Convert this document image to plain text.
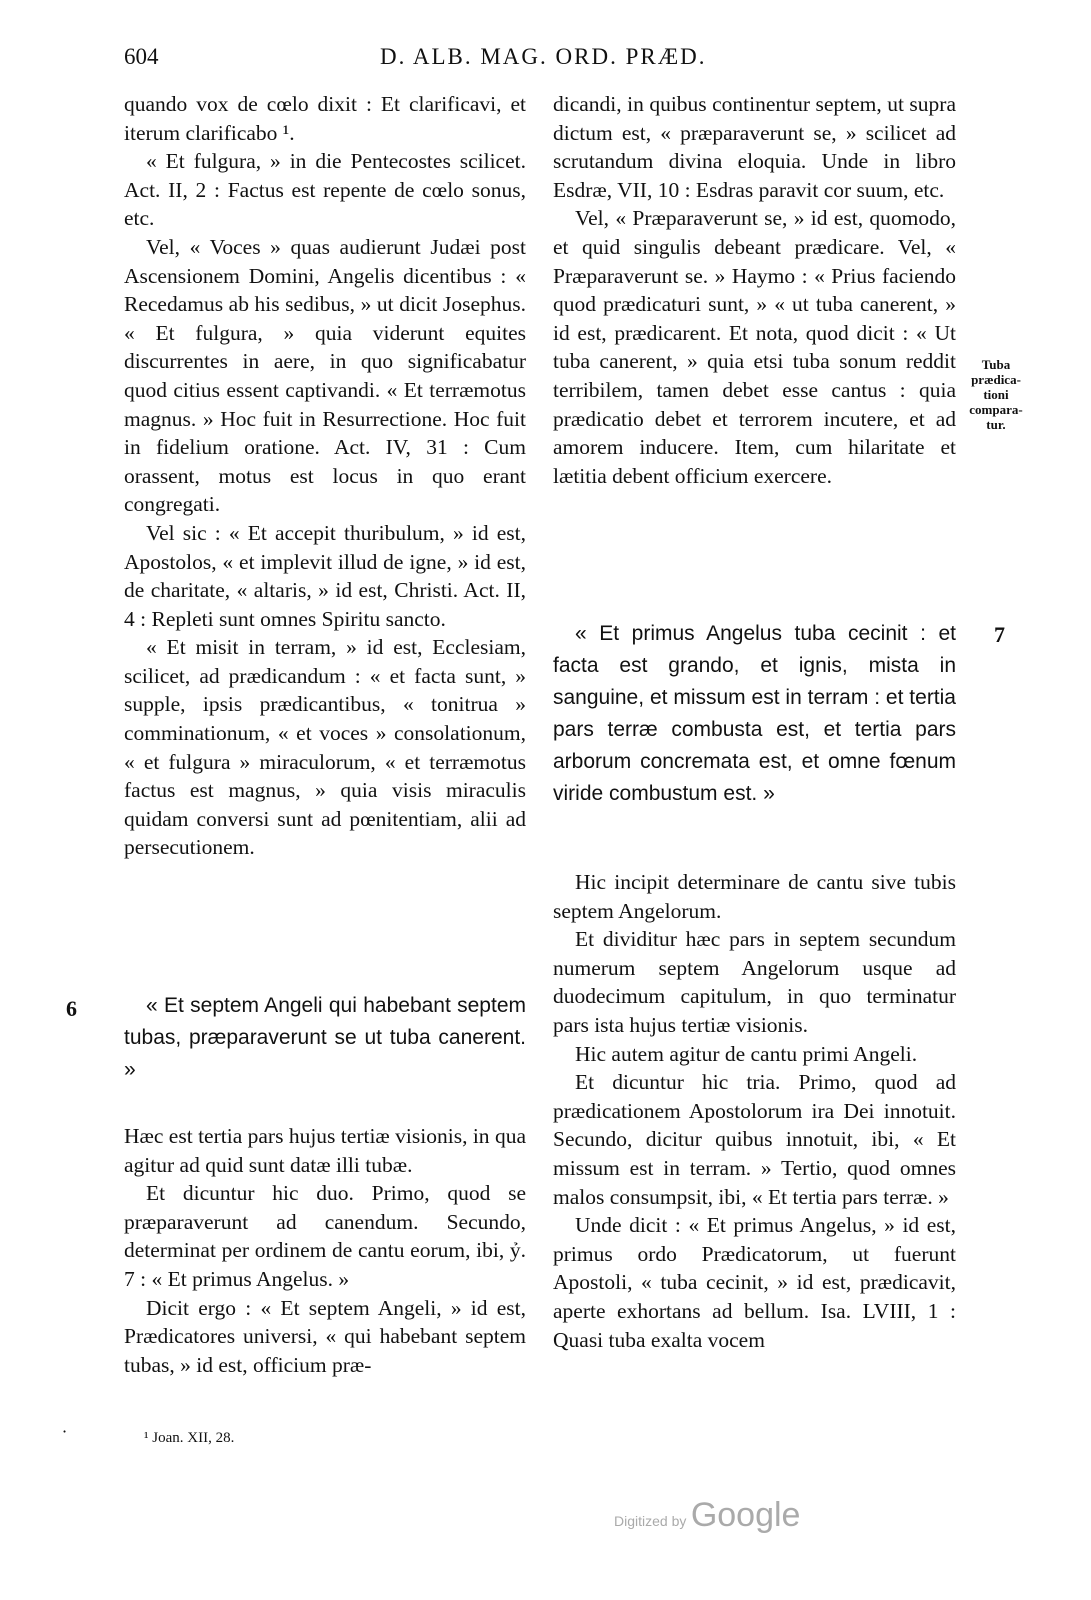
604	D. ALB. MAG. ORD. PRÆD.

quando vox de cœlo dixit : Et clarificavi, et iterum clarificabo ¹.

« Et fulgura, » in die Pentecostes scilicet. Act. II, 2 : Factus est repente de cœlo sonus, etc.

Vel, « Voces » quas audierunt Judæi post Ascensionem Domini, Angelis dicentibus : « Recedamus ab his sedibus, » ut dicit Josephus. « Et fulgura, » quia viderunt equites discurrentes in aere, in quo significabatur quod citius essent captivandi. « Et terræmotus magnus. » Hoc fuit in Resurrectione. Hoc fuit in fidelium oratione. Act. IV, 31 : Cum orassent, motus est locus in quo erant congregati.

Vel sic : « Et accepit thuribulum, » id est, Apostolos, « et implevit illud de igne, » id est, de charitate, « altaris, » id est, Christi. Act. II, 4 : Repleti sunt omnes Spiritu sancto.

« Et misit in terram, » id est, Ecclesiam, scilicet, ad prædicandum : « et facta sunt, » supple, ipsis prædicantibus, « tonitrua » comminationum, « et voces » consolationum, « et fulgura » miraculorum, « et terræmotus factus est magnus, » quia visis miraculis quidam conversi sunt ad pœnitentiam, alii ad persecutionem.

« Et septem Angeli qui habebant septem tubas, præparaverunt se ut tuba canerent. »

Hæc est tertia pars hujus tertiæ visionis, in qua agitur ad quid sunt datæ illi tubæ.

Et dicuntur hic duo. Primo, quod se præparaverunt ad canendum. Secundo, determinat per ordinem de cantu eorum, ibi, ỷ. 7 : « Et primus Angelus. »

Dicit ergo : « Et septem Angeli, » id est, Prædicatores universi, « qui habebant septem tubas, » id est, officium præ-

dicandi, in quibus continentur septem, ut supra dictum est, « præparaverunt se, » scilicet ad scrutandum divina eloquia. Unde in libro Esdræ, VII, 10 : Esdras paravit cor suum, etc.

Vel, « Præparaverunt se, » id est, quomodo, et quid singulis debeant prædicare. Vel, « Præparaverunt se. » Haymo : « Prius faciendo quod prædicaturi sunt, » « ut tuba canerent, » id est, prædicarent. Et nota, quod dicit : « Ut tuba canerent, » quia etsi tuba sonum reddit terribilem, tamen debet esse cantus : quia prædicatio debet et terrorem incutere, et ad amorem inducere. Item, cum hilaritate et lætitia debent officium exercere.

« Et primus Angelus tuba cecinit : et facta est grando, et ignis, mista in sanguine, et missum est in terram : et tertia pars terræ combusta est, et tertia pars arborum concremata est, et omne fœnum viride combustum est. »

Hic incipit determinare de cantu sive tubis septem Angelorum.

Et dividitur hæc pars in septem secundum numerum septem Angelorum usque ad duodecimum capitulum, in quo terminatur pars ista hujus tertiæ visionis.

Hic autem agitur de cantu primi Angeli.

Et dicuntur hic tria. Primo, quod ad prædicationem Apostolorum ira Dei innotuit. Secundo, dicitur quibus innotuit, ibi, « Et missum est in terram. » Tertio, quod omnes malos consumpsit, ibi, « Et tertia pars terræ. »

Unde dicit : « Et primus Angelus, » id est, primus ordo Prædicatorum, ut fuerunt Apostoli, « tuba cecinit, » id est, prædicavit, aperte exhortans ad bellum. Isa. LVIII, 1 : Quasi tuba exalta vocem

Tuba
prædica-
tioni
compara-
tur.
6
7
¹ Joan. XII, 28.
·
Digitized by Google
